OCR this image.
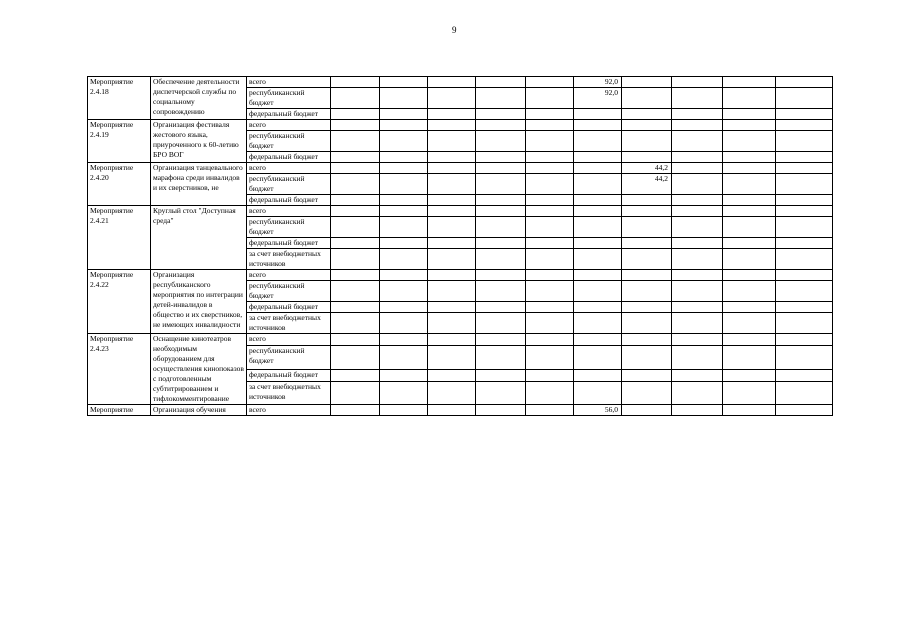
9
Мероприятие 2.4.18	Обеспечение деятельности диспетчерской службы по социальному сопровождению	всего						92,0				
		республиканский бюджет						92,0				
		федеральный бюджет										
Мероприятие 2.4.19	Организация фестиваля жестового языка, приуроченного к 60-летию БРО ВОГ	всего										
		республиканский бюджет										
		федеральный бюджет										
Мероприятие 2.4.20	Организация танцевального марафона среди инвалидов и их сверстников, не	всего							44,2			
		республиканский бюджет							44,2			
		федеральный бюджет										
Мероприятие 2.4.21	Круглый стол "Доступная среда"	всего										
		республиканский бюджет										
		федеральный бюджет										
		за счет внебюджетных источников										
Мероприятие 2.4.22	Организация республиканского мероприятия по интеграции детей-инвалидов в общество и их сверстников, не имеющих инвалидности	всего										
		республиканский бюджет										
		федеральный бюджет										
		за счет внебюджетных источников										
Мероприятие 2.4.23	Оснащение кинотеатров необходимым оборудованием для осуществления кинопоказов с подготовленным субтитрированием и тифлокомментирование	всего										
		республиканский бюджет										
		федеральный бюджет										
		за счет внебюджетных источников										

Мероприятие	Организация обучения	всего						56,0				
